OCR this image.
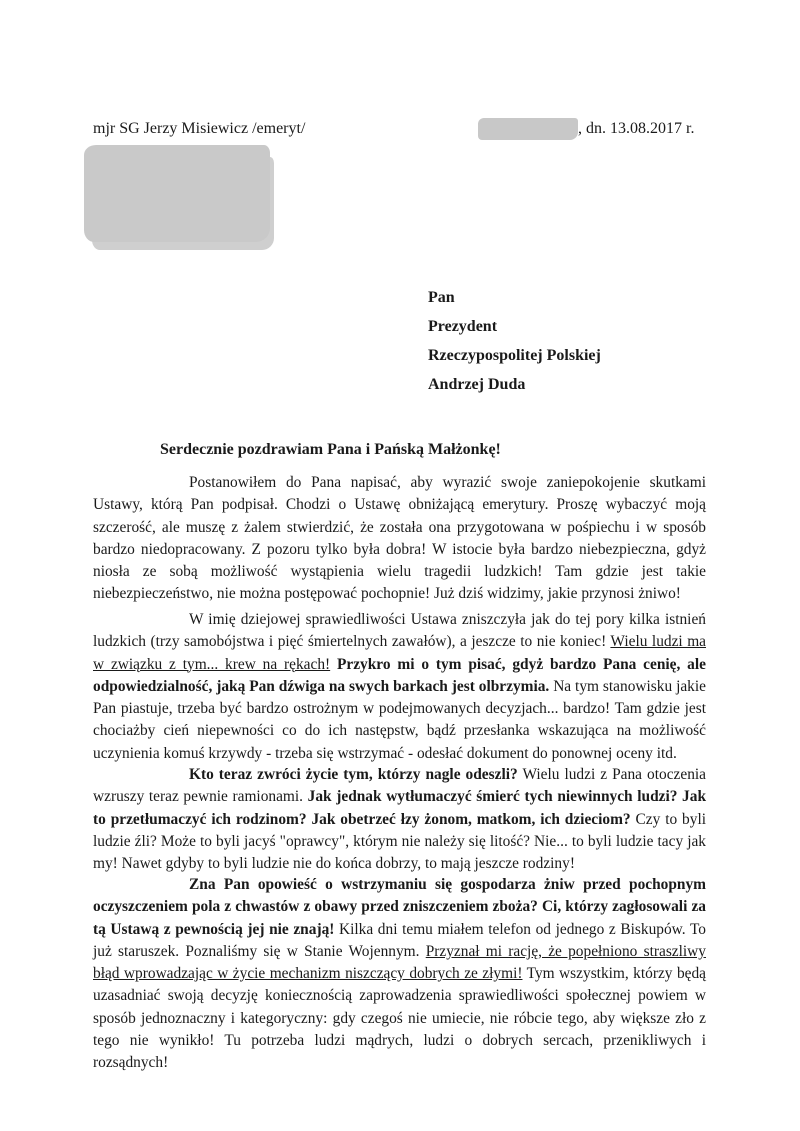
mjr SG Jerzy Misiewicz /emeryt/	, dn. 13.08.2017 r.
Pan
Prezydent
Rzeczypospolitej Polskiej
Andrzej Duda
Serdecznie pozdrawiam Pana i Pańską Małżonkę!

Postanowiłem do Pana napisać, aby wyrazić swoje zaniepokojenie skutkami Ustawy, którą Pan podpisał. Chodzi o Ustawę obniżającą emerytury. Proszę wybaczyć moją szczerość, ale muszę z żalem stwierdzić, że została ona przygotowana w pośpiechu i w sposób bardzo niedopracowany. Z pozoru tylko była dobra! W istocie była bardzo niebezpieczna, gdyż niosła ze sobą możliwość wystąpienia wielu tragedii ludzkich! Tam gdzie jest takie niebezpieczeństwo, nie można postępować pochopnie! Już dziś widzimy, jakie przynosi żniwo!

W imię dziejowej sprawiedliwości Ustawa zniszczyła jak do tej pory kilka istnień ludzkich (trzy samobójstwa i pięć śmiertelnych zawałów), a jeszcze to nie koniec! Wielu ludzi ma w związku z tym... krew na rękach! Przykro mi o tym pisać, gdyż bardzo Pana cenię, ale odpowiedzialność, jaką Pan dźwiga na swych barkach jest olbrzymia. Na tym stanowisku jakie Pan piastuje, trzeba być bardzo ostrożnym w podejmowanych decyzjach... bardzo! Tam gdzie jest chociażby cień niepewności co do ich następstw, bądź przesłanka wskazująca na możliwość uczynienia komuś krzywdy - trzeba się wstrzymać - odesłać dokument do ponownej oceny itd.

Kto teraz zwróci życie tym, którzy nagle odeszli? Wielu ludzi z Pana otoczenia wzruszy teraz pewnie ramionami. Jak jednak wytłumaczyć śmierć tych niewinnych ludzi? Jak to przetłumaczyć ich rodzinom? Jak obetrzeć łzy żonom, matkom, ich dzieciom? Czy to byli ludzie źli? Może to byli jacyś "oprawcy", którym nie należy się litość? Nie... to byli ludzie tacy jak my! Nawet gdyby to byli ludzie nie do końca dobrzy, to mają jeszcze rodziny!

Zna Pan opowieść o wstrzymaniu się gospodarza żniw przed pochopnym oczyszczeniem pola z chwastów z obawy przed zniszczeniem zboża? Ci, którzy zagłosowali za tą Ustawą z pewnością jej nie znają! Kilka dni temu miałem telefon od jednego z Biskupów. To już staruszek. Poznaliśmy się w Stanie Wojennym. Przyznał mi rację, że popełniono straszliwy błąd wprowadzając w życie mechanizm niszczący dobrych ze złymi! Tym wszystkim, którzy będą uzasadniać swoją decyzję koniecznością zaprowadzenia sprawiedliwości społecznej powiem w sposób jednoznaczny i kategoryczny: gdy czegoś nie umiecie, nie róbcie tego, aby większe zło z tego nie wynikło! Tu potrzeba ludzi mądrych, ludzi o dobrych sercach, przenikliwych i rozsądnych!
